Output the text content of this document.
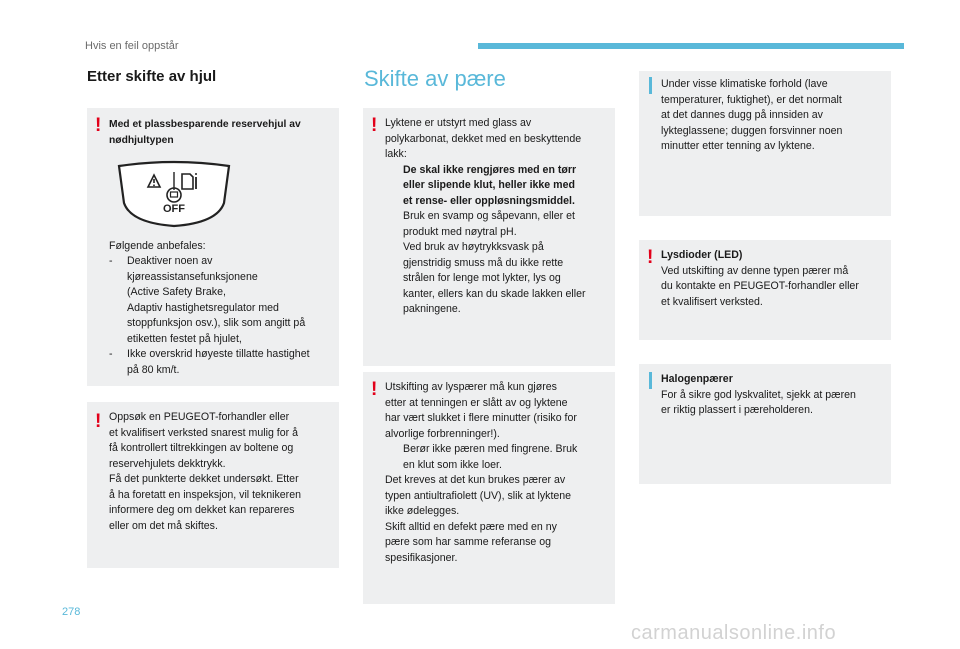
Hvis en feil oppstår
Etter skifte av hjul
! Med et plassbesparende reservehjul av nødhjultypen

OFF

Følgende anbefales:

-	Deaktiver noen av
kjøreassistansefunksjonene
(Active Safety Brake,
Adaptiv hastighetsregulator med
stoppfunksjon osv.), slik som angitt på
etiketten festet på hjulet,
-	Ikke overskrid høyeste tillatte hastighet
på 80 km/t.
! Oppsøk en PEUGEOT-forhandler eller
et kvalifisert verksted snarest mulig for å
få kontrollert tiltrekkingen av boltene og
reservehjulets dekktrykk.
Få det punkterte dekket undersøkt. Etter
å ha foretatt en inspeksjon, vil teknikeren
informere deg om dekket kan repareres
eller om det må skiftes.
Skifte av pære
! Lyktene er utstyrt med glass av
polykarbonat, dekket med en beskyttende
lakk:
De skal ikke rengjøres med en tørr
eller slipende klut, heller ikke med
et rense- eller oppløsningsmiddel.
Bruk en svamp og såpevann, eller et
produkt med nøytral pH.
Ved bruk av høytrykksvask på
gjenstridig smuss må du ikke rette
strålen for lenge mot lykter, lys og
kanter, ellers kan du skade lakken eller
pakningene.
! Utskifting av lyspærer må kun gjøres
etter at tenningen er slått av og lyktene
har vært slukket i flere minutter (risiko for
alvorlige forbrenninger!).
Berør ikke pæren med fingrene. Bruk
en klut som ikke loer.
Det kreves at det kun brukes pærer av
typen antiultrafiolett (UV), slik at lyktene
ikke ødelegges.
Skift alltid en defekt pære med en ny
pære som har samme referanse og
spesifikasjoner.
Under visse klimatiske forhold (lave
temperaturer, fuktighet), er det normalt
at det dannes dugg på innsiden av
lykteglassene; duggen forsvinner noen
minutter etter tenning av lyktene.
! Lysdioder (LED)
Ved utskifting av denne typen pærer må
du kontakte en PEUGEOT-forhandler eller
et kvalifisert verksted.
Halogenpærer
For å sikre god lyskvalitet, sjekk at pæren
er riktig plassert i pæreholderen.
278
carmanualsonline.info
